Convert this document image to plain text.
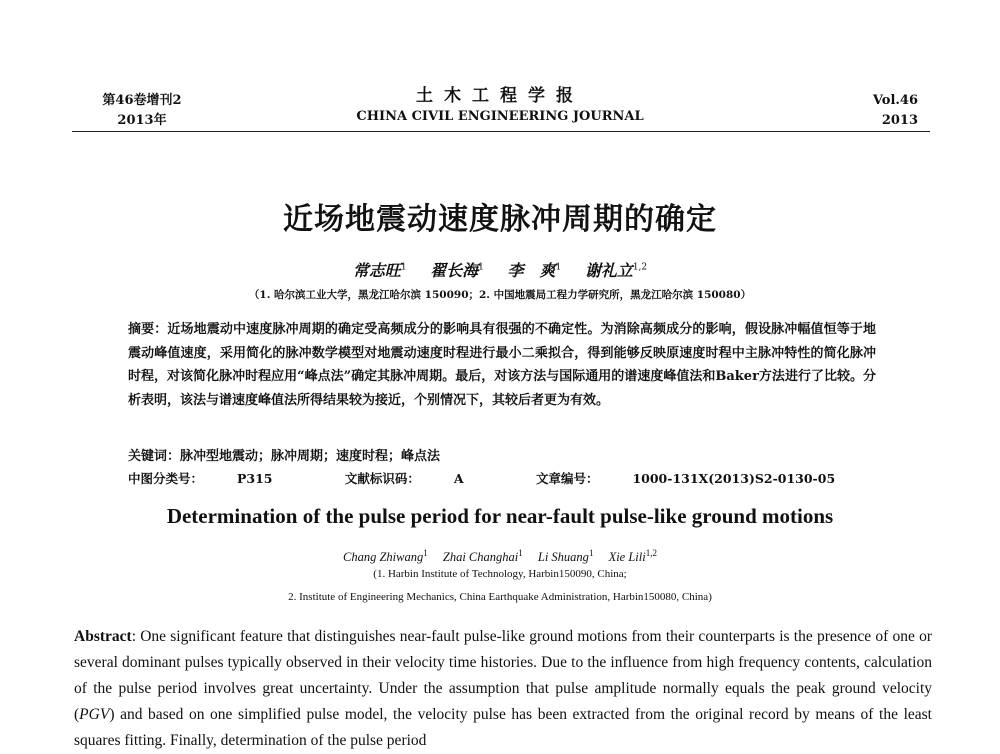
第46卷增刊2
2013年
土木工程学报
CHINA CIVIL ENGINEERING JOURNAL
Vol.46
2013
近场地震动速度脉冲周期的确定
常志旺$^1$ 翟长海$^1$ 李　爽$^1$ 谢礼立$^{1,2}$
（1. 哈尔滨工业大学，黑龙江哈尔滨 150090；2. 中国地震局工程力学研究所，黑龙江哈尔滨 150080）
摘要：近场地震动中速度脉冲周期的确定受高频成分的影响具有很强的不确定性。为消除高频成分的影响，假设脉冲幅值恒等于地震动峰值速度，采用简化的脉冲数学模型对地震动速度时程进行最小二乘拟合，得到能够反映原速度时程中主脉冲特性的简化脉冲时程，对该简化脉冲时程应用“峰点法”确定其脉冲周期。最后，对该方法与国际通用的谱速度峰值法和Baker方法进行了比较。分析表明，该法与谱速度峰值法所得结果较为接近，个别情况下，其较后者更为有效。
关键词：脉冲型地震动；脉冲周期；速度时程；峰点法
中图分类号：	P315	文献标识码：	A	文章编号：	1000-131X(2013)S2-0130-05
Determination of the pulse period for near-fault pulse-like ground motions
Chang Zhiwang$^1$ Zhai Changhai$^1$ Li Shuang$^1$ Xie Lili$^{1,2}$
(1. Harbin Institute of Technology, Harbin150090, China;
2. Institute of Engineering Mechanics, China Earthquake Administration, Harbin150080, China)
Abstract: One significant feature that distinguishes near-fault pulse-like ground motions from their counterparts is the presence of one or several dominant pulses typically observed in their velocity time histories. Due to the influence from high frequency contents, calculation of the pulse period involves great uncertainty. Under the assumption that pulse amplitude normally equals the peak ground velocity (PGV) and based on one simplified pulse model, the velocity pulse has been extracted from the original record by means of the least squares fitting. Finally, determination of the pulse period
